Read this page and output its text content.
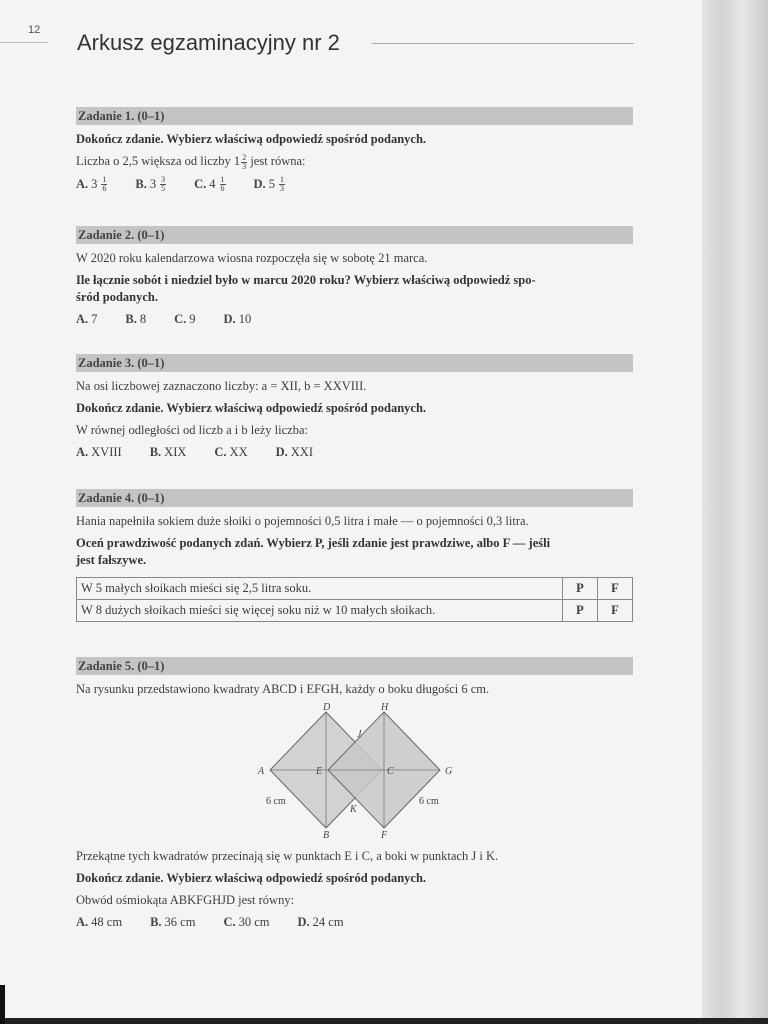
12 Arkusz egzaminacyjny nr 2
Zadanie 1. (0–1)

Dokończ zdanie. Wybierz właściwą odpowiedź spośród podanych.

Liczba o 2,5 większa od liczby $1 \frac{2}{3}$ jest równa:

A. $3 \frac{1}{6} B$. $3 \frac{3}{5} C$. $4 \frac{1}{6} D$. $5 \frac{1}{3}$
Zadanie 2. (0–1)

W 2020 roku kalendarzowa wiosna rozpoczęła się w sobotę 21 marca.

Ile łącznie sobót i niedziel było w marcu 2020 roku? Wybierz właściwą odpowiedź spo-

śród podanych.

A. 7 B. 8 C. 9 D. 10
Zadanie 3. (0–1)

Na osi liczbowej zaznaczono liczby: a = XII, b = XXVIII.

Dokończ zdanie. Wybierz właściwą odpowiedź spośród podanych.

W równej odległości od liczb a i b leży liczba:

A. XVIII B. XIX C. XX D. XXI
Zadanie 4. (0–1)

Hania napełniła sokiem duże słoiki o pojemności 0,5 litra i małe — o pojemności 0,3 litra.

Oceń prawdziwość podanych zdań. Wybierz P, jeśli zdanie jest prawdziwe, albo F — jeśli

jest fałszywe.

W 5 małych słoikach mieści się 2,5 litra soku.	P	F
W 8 dużych słoikach mieści się więcej soku niż w 10 małych słoikach.	P	F
Zadanie 5. (0–1)

Na rysunku przedstawiono kwadraty ABCD i EFGH, każdy o boku długości 6 cm.

D	H
J
A	E	C	G
K
B	F
6 cm	6 cm

Przekątne tych kwadratów przecinają się w punktach E i C, a boki w punktach J i K.

Dokończ zdanie. Wybierz właściwą odpowiedź spośród podanych.

Obwód ośmiokąta ABKFGHJD jest równy:

A. 48 cm B. 36 cm C. 30 cm D. 24 cm
